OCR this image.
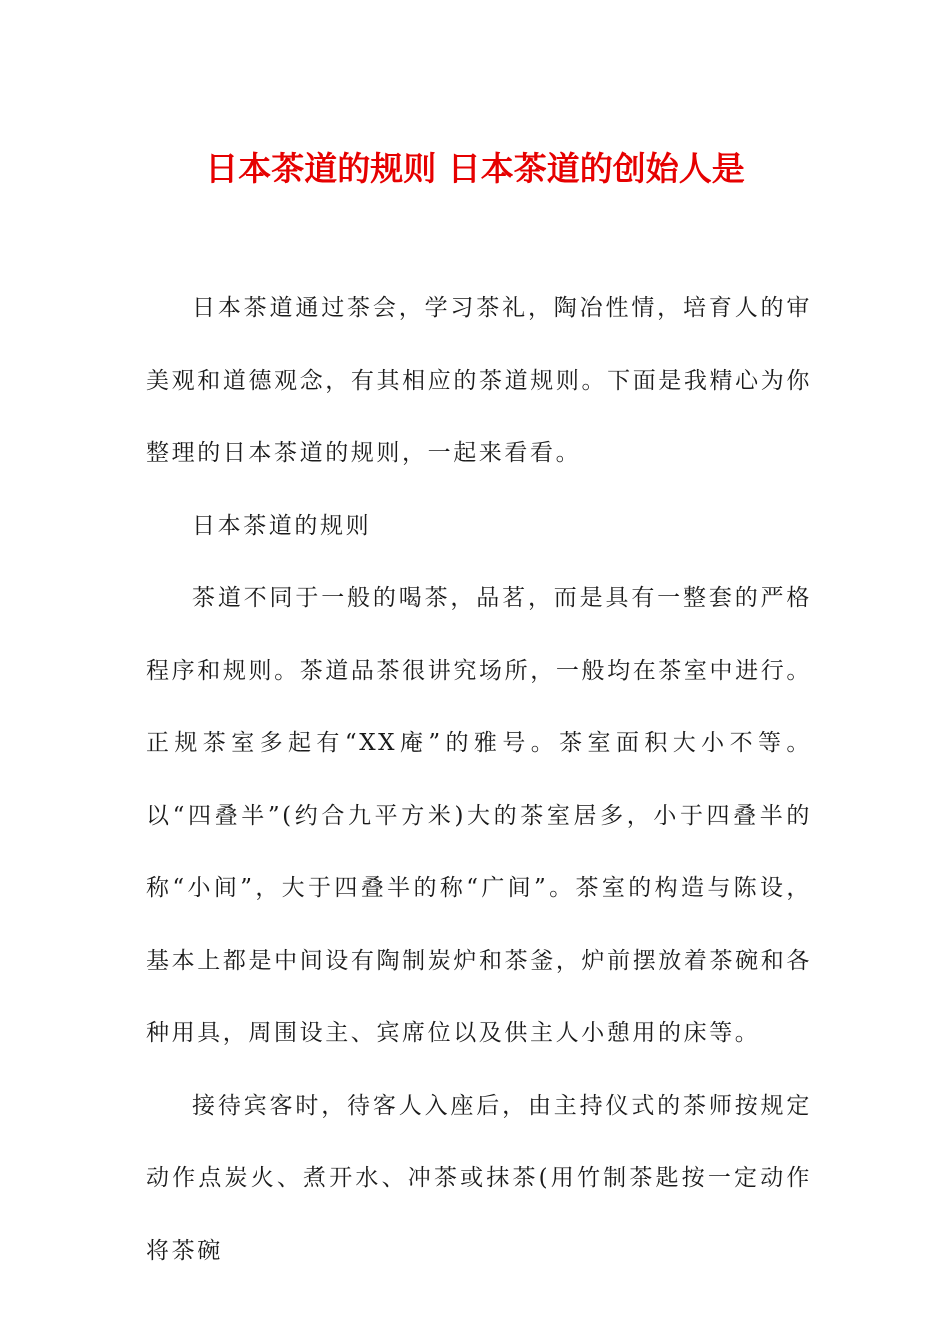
日本茶道的规则 日本茶道的创始人是

日本茶道通过茶会，学习茶礼，陶冶性情，培育人的审美观和道德观念，有其相应的茶道规则。下面是我精心为你整理的日本茶道的规则，一起来看看。

日本茶道的规则

茶道不同于一般的喝茶，品茗，而是具有一整套的严格程序和规则。茶道品茶很讲究场所，一般均在茶室中进行。正规茶室多起有“XX庵”的雅号。茶室面积大小不等。以“四叠半”(约合九平方米)大的茶室居多，小于四叠半的称“小间”，大于四叠半的称“广间”。茶室的构造与陈设，基本上都是中间设有陶制炭炉和茶釜，炉前摆放着茶碗和各种用具，周围设主、宾席位以及供主人小憩用的床等。

接待宾客时，待客人入座后，由主持仪式的茶师按规定动作点炭火、煮开水、冲茶或抹茶(用竹制茶匙按一定动作将茶碗
